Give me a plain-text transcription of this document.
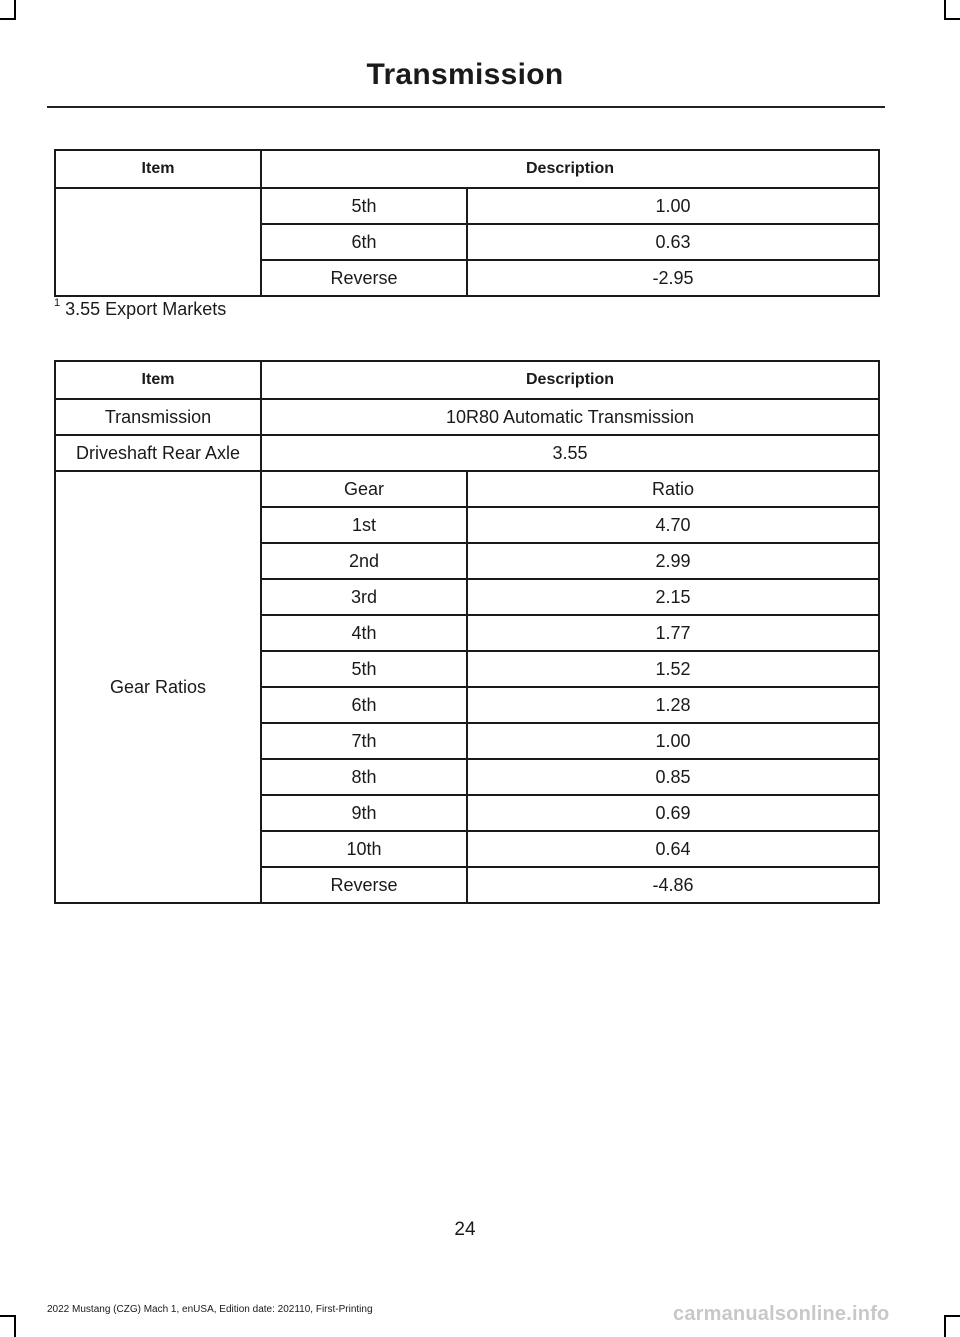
Transmission
Item	Description	
	5th	1.00
	6th	0.63
	Reverse	-2.95
$^1$ 3.55 Export Markets
Item	Description	
Transmission	10R80 Automatic Transmission	
Driveshaft Rear Axle	3.55	
Gear Ratios	Gear	Ratio
	1st	4.70
	2nd	2.99
	3rd	2.15
	4th	1.77
	5th	1.52
	6th	1.28
	7th	1.00
	8th	0.85
	9th	0.69
	10th	0.64
	Reverse	-4.86
24
2022 Mustang (CZG) Mach 1, enUSA, Edition date: 202110, First-Printing	carmanualsonline.info
